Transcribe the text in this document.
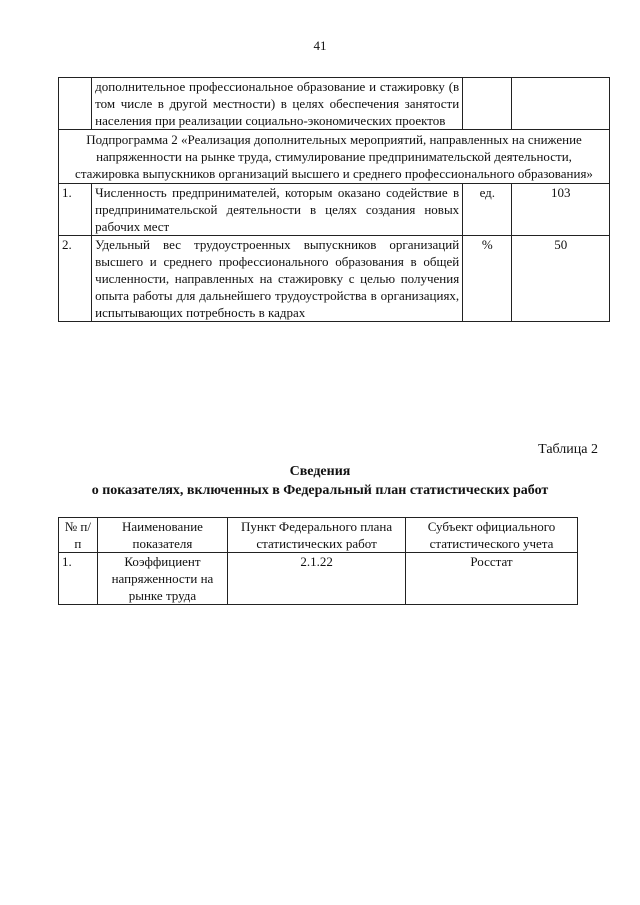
41
	дополнительное профессиональное образование и стажировку (в том числе в другой местности) в целях обеспечения занятости населения при реализации социально-экономических проектов		
Подпрограмма 2 «Реализация дополнительных мероприятий, направленных на снижение напряженности на рынке труда, стимулирование предпринимательской деятельности, стажировка выпускников организаций высшего и среднего профессионального образования»			
1.	Численность предпринимателей, которым оказано содействие в предпринимательской деятельности в целях создания новых рабочих мест	ед.	103
2.	Удельный вес трудоустроенных выпускников организаций высшего и среднего профессионального образования в общей численности, направленных на стажировку с целью получения опыта работы для дальнейшего трудоустройства в организациях, испытывающих потребность в кадрах	%	50
Таблица 2
Сведения
о показателях, включенных в Федеральный план статистических работ
№ п/п	Наименование показателя	Пункт Федерального плана статистических работ	Субъект официального статистического учета
1.	Коэффициент напряженности на рынке труда	2.1.22	Росстат
